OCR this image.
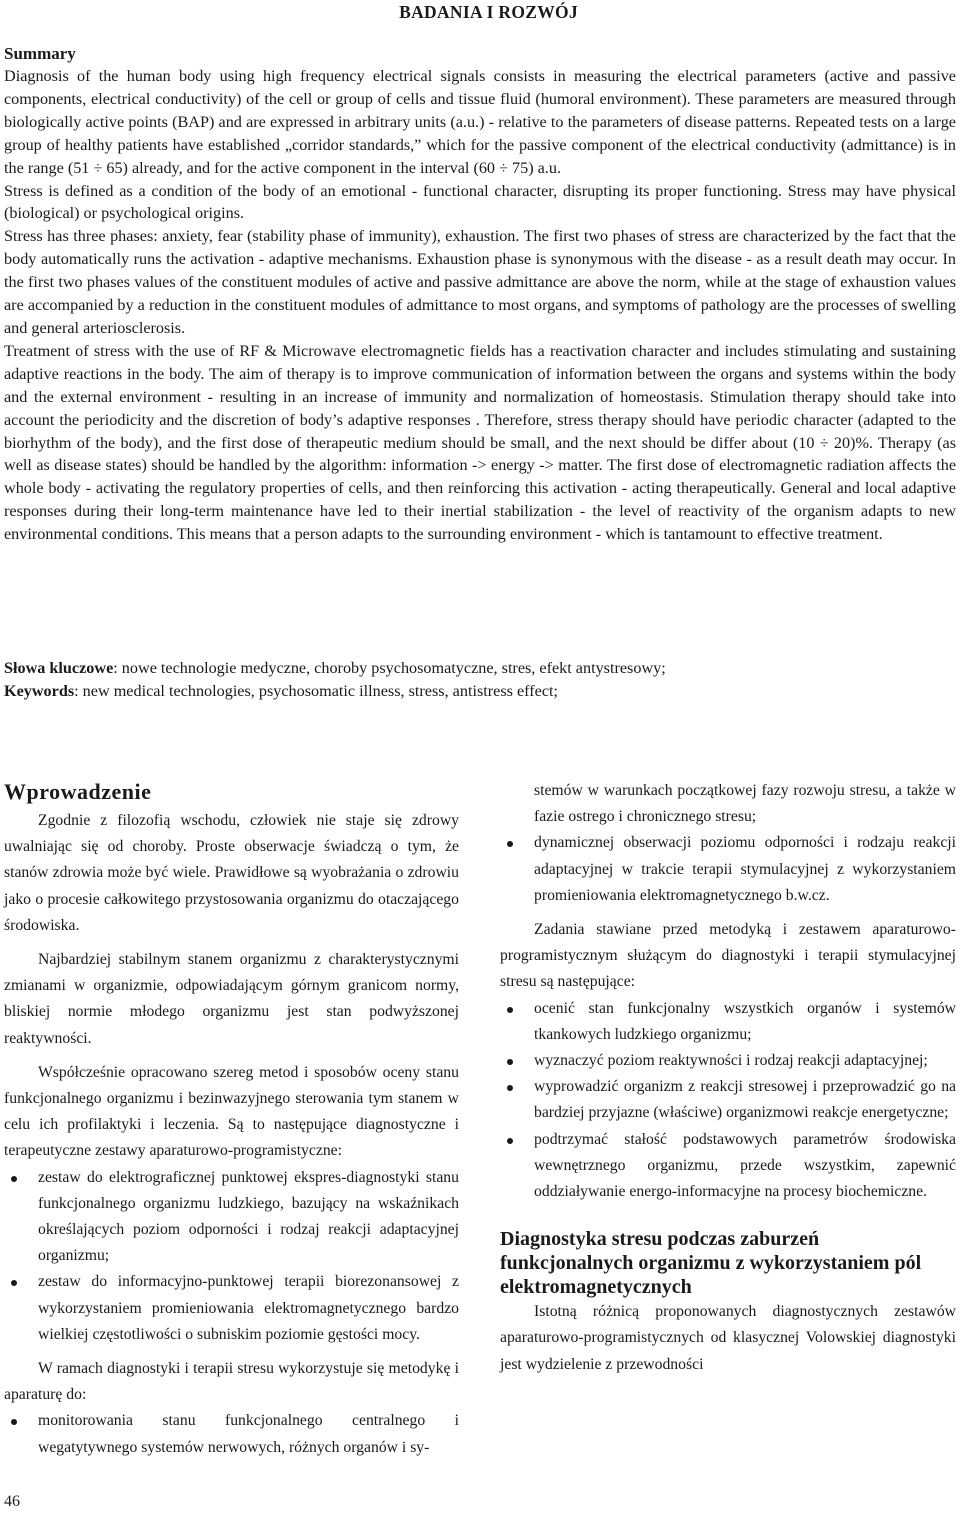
BADANIA I ROZWÓJ
Summary

Diagnosis of the human body using high frequency electrical signals consists in measuring the electrical parameters (active and passive components, electrical conductivity) of the cell or group of cells and tissue fluid (humoral environment). These parameters are measured through biologically active points (BAP) and are expressed in arbitrary units (a.u.) - relative to the parameters of disease patterns. Repeated tests on a large group of healthy patients have established „corridor standards,” which for the passive component of the electrical conductivity (admittance) is in the range (51 ÷ 65) already, and for the active component in the interval (60 ÷ 75) a.u.

Stress is defined as a condition of the body of an emotional - functional character, disrupting its proper functioning. Stress may have physical (biological) or psychological origins.

Stress has three phases: anxiety, fear (stability phase of immunity), exhaustion. The first two phases of stress are characterized by the fact that the body automatically runs the activation - adaptive mechanisms. Exhaustion phase is synonymous with the disease - as a result death may occur. In the first two phases values of the constituent modules of active and passive admittance are above the norm, while at the stage of exhaustion values are accompanied by a reduction in the constituent modules of admittance to most organs, and symptoms of pathology are the processes of swelling and general arteriosclerosis.

Treatment of stress with the use of RF & Microwave electromagnetic fields has a reactivation character and includes stimulating and sustaining adaptive reactions in the body. The aim of therapy is to improve communication of information between the organs and systems within the body and the external environment - resulting in an increase of immunity and normalization of homeostasis. Stimulation therapy should take into account the periodicity and the discretion of body’s adaptive responses . Therefore, stress therapy should have periodic character (adapted to the biorhythm of the body), and the first dose of therapeutic medium should be small, and the next should be differ about (10 ÷ 20)%. Therapy (as well as disease states) should be handled by the algorithm: information -> energy -> matter. The first dose of electromagnetic radiation affects the whole body - activating the regulatory properties of cells, and then reinforcing this activation - acting therapeutically. General and local adaptive responses during their long-term maintenance have led to their inertial stabilization - the level of reactivity of the organism adapts to new environmental conditions. This means that a person adapts to the surrounding environment - which is tantamount to effective treatment.

Słowa kluczowe: nowe technologie medyczne, choroby psychosomatyczne, stres, efekt antystresowy;

Keywords: new medical technologies, psychosomatic illness, stress, antistress effect;

Wprowadzenie

Zgodnie z filozofią wschodu, człowiek nie staje się zdrowy uwalniając się od choroby. Proste obserwacje świadczą o tym, że stanów zdrowia może być wiele. Prawidłowe są wyobrażania o zdrowiu jako o procesie całkowitego przystosowania organizmu do otaczającego środowiska.

Najbardziej stabilnym stanem organizmu z charakterystycznymi zmianami w organizmie, odpowiadającym górnym granicom normy, bliskiej normie młodego organizmu jest stan podwyższonej reaktywności.

Współcześnie opracowano szereg metod i sposobów oceny stanu funkcjonalnego organizmu i bezinwazyjnego sterowania tym stanem w celu ich profilaktyki i leczenia. Są to następujące diagnostyczne i terapeutyczne zestawy aparaturowo-programistyczne:

zestaw do elektrograficznej punktowej ekspres-diagnostyki stanu funkcjonalnego organizmu ludzkiego, bazujący na wskaźnikach określających poziom odporności i rodzaj reakcji adaptacyjnej organizmu;
zestaw do informacyjno-punktowej terapii biorezonansowej z wykorzystaniem promieniowania elektromagnetycznego bardzo wielkiej częstotliwości o subniskim poziomie gęstości mocy.

W ramach diagnostyki i terapii stresu wykorzystuje się metodykę i aparaturę do:

monitorowania stanu funkcjonalnego centralnego i wegatytywnego systemów nerwowych, różnych organów i sy-
stemów w warunkach początkowej fazy rozwoju stresu, a także w fazie ostrego i chronicznego stresu;
dynamicznej obserwacji poziomu odporności i rodzaju reakcji adaptacyjnej w trakcie terapii stymulacyjnej z wykorzystaniem promieniowania elektromagnetycznego b.w.cz.

Zadania stawiane przed metodyką i zestawem aparaturowo-programistycznym służącym do diagnostyki i terapii stymulacyjnej stresu są następujące:

ocenić stan funkcjonalny wszystkich organów i systemów tkankowych ludzkiego organizmu;
wyznaczyć poziom reaktywności i rodzaj reakcji adaptacyjnej;
wyprowadzić organizm z reakcji stresowej i przeprowadzić go na bardziej przyjazne (właściwe) organizmowi reakcje energetyczne;
podtrzymać stałość podstawowych parametrów środowiska wewnętrznego organizmu, przede wszystkim, zapewnić oddziaływanie energo-informacyjne na procesy biochemiczne.
Diagnostyka stresu podczas zaburzeń funkcjonalnych organizmu z wykorzystaniem pól elektromagnetycznych

Istotną różnicą proponowanych diagnostycznych zestawów aparaturowo-programistycznych od klasycznej Volowskiej diagnostyki jest wydzielenie z przewodności

46
